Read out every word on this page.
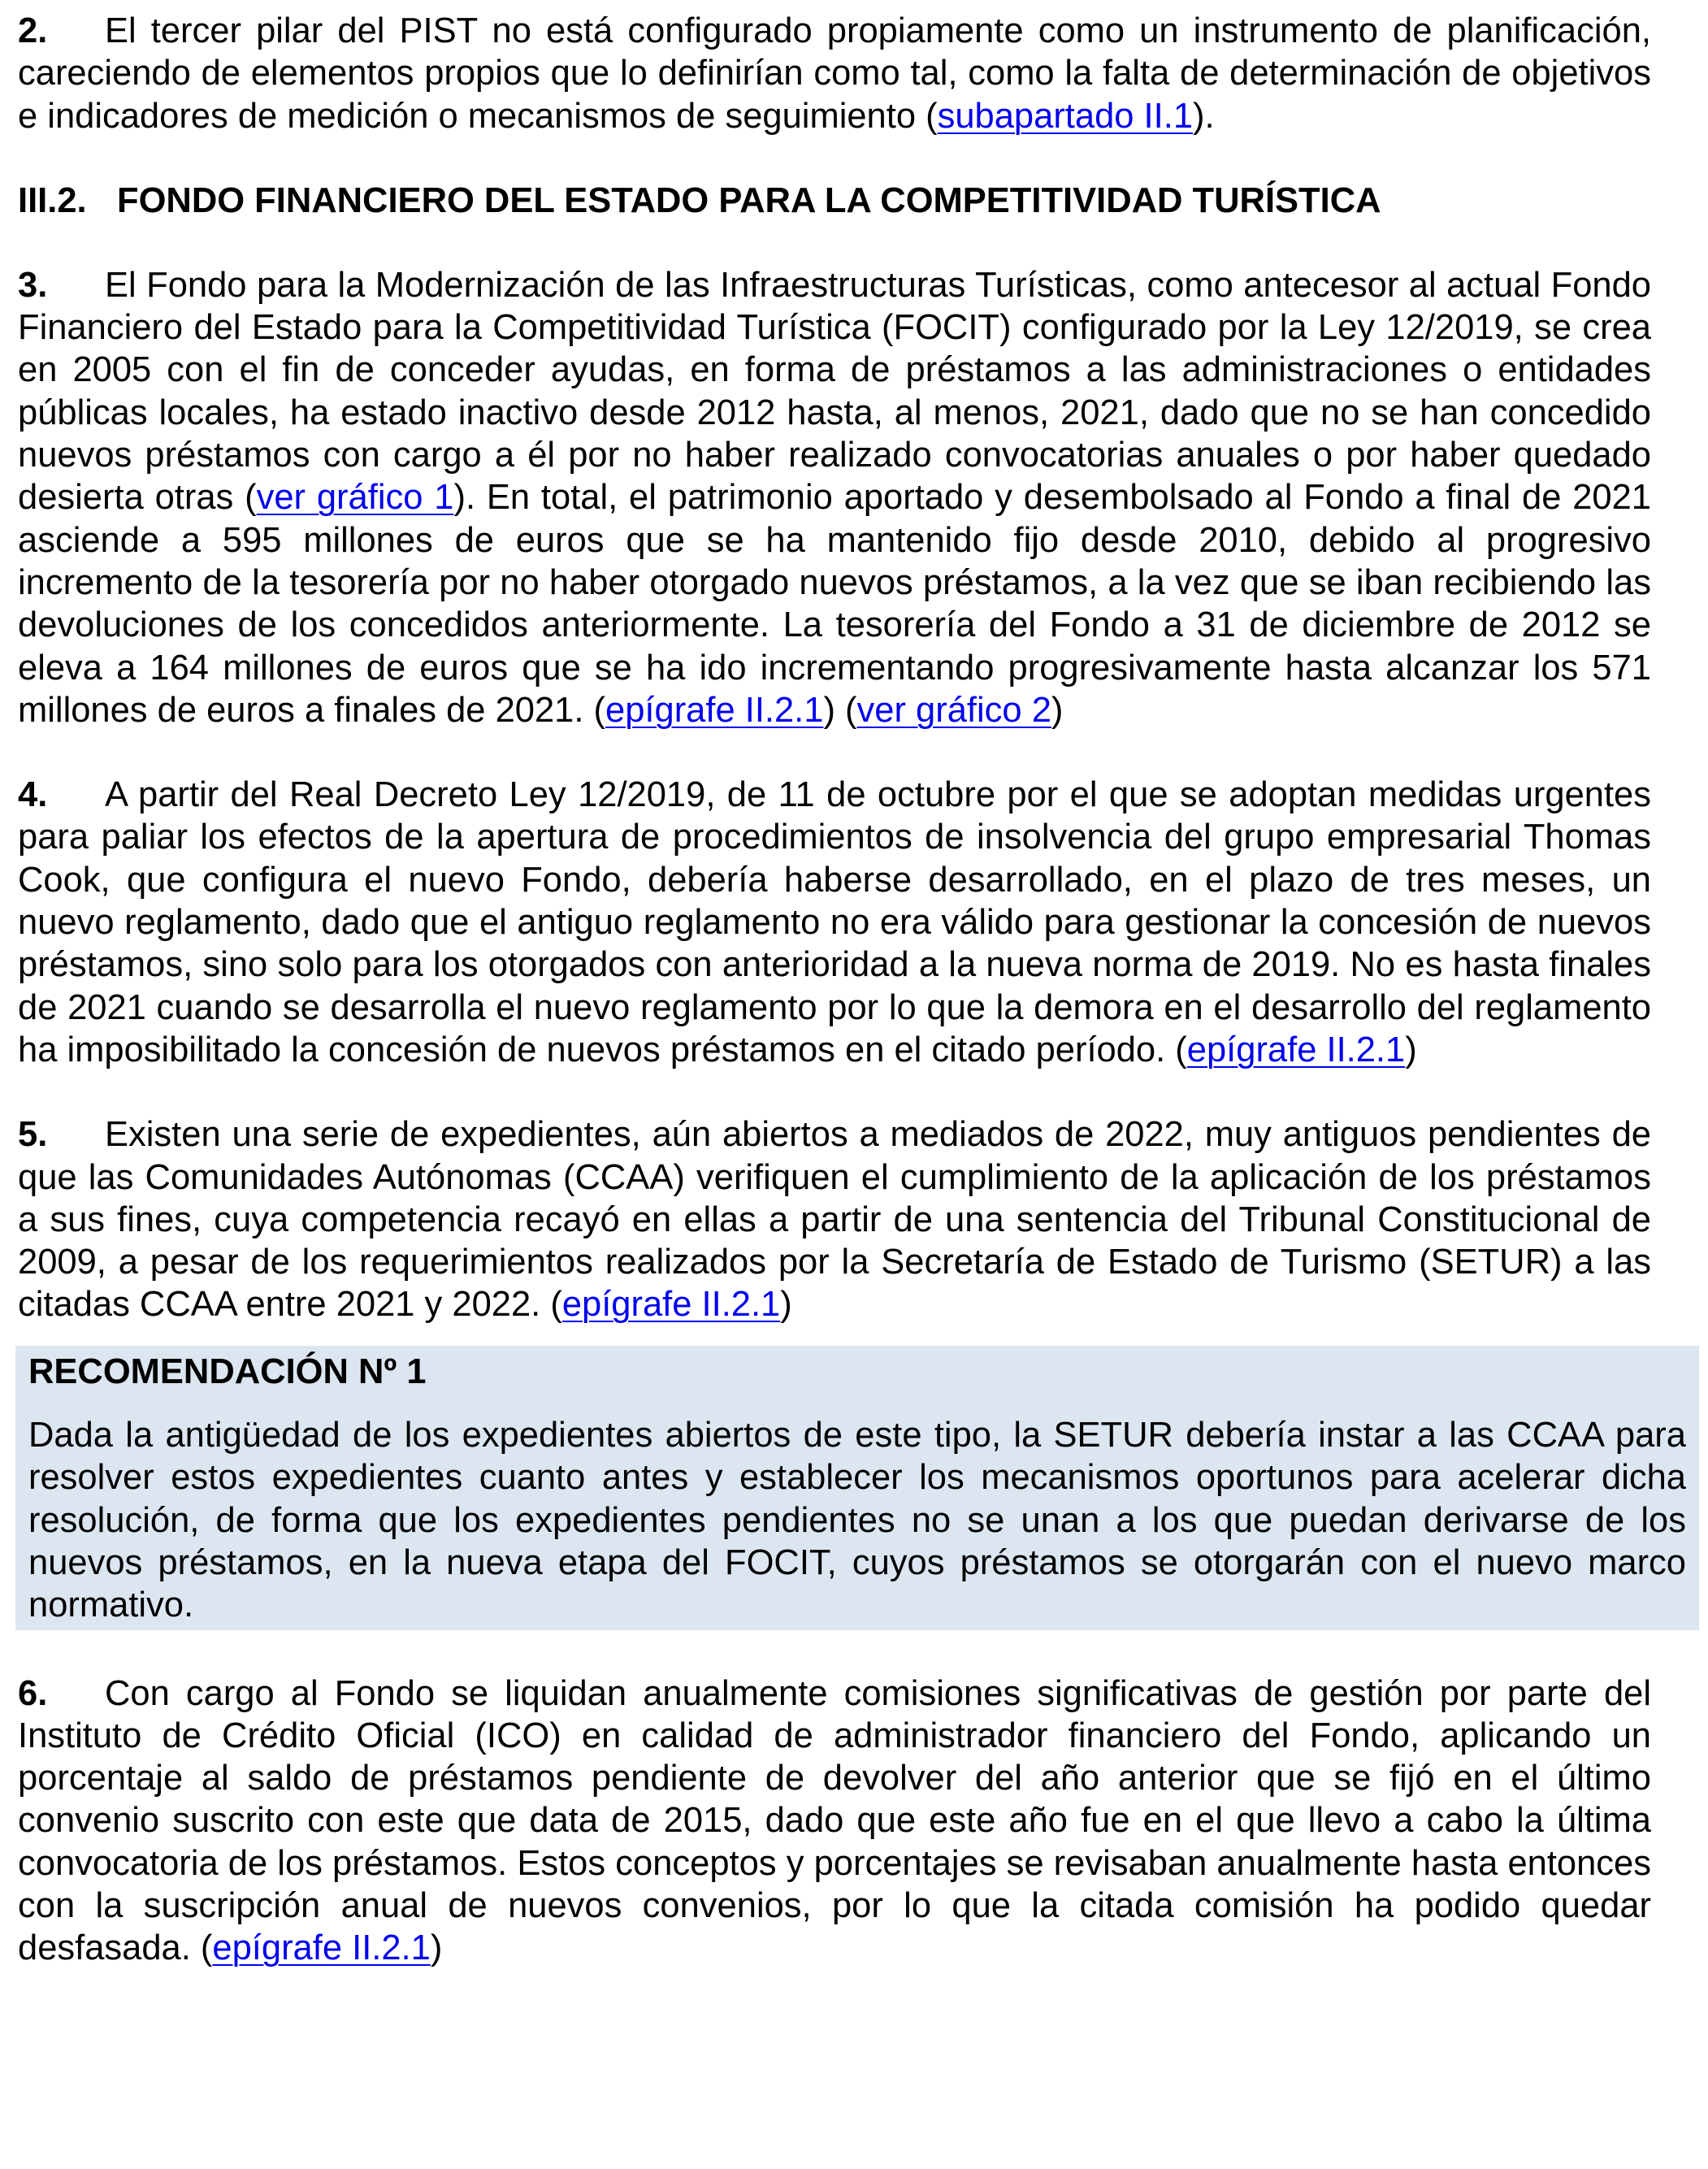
2. El tercer pilar del PIST no está configurado propiamente como un instrumento de planificación, careciendo de elementos propios que lo definirían como tal, como la falta de determinación de objetivos e indicadores de medición o mecanismos de seguimiento (subapartado II.1).

III.2. FONDO FINANCIERO DEL ESTADO PARA LA COMPETITIVIDAD TURÍSTICA

3. El Fondo para la Modernización de las Infraestructuras Turísticas, como antecesor al actual Fondo Financiero del Estado para la Competitividad Turística (FOCIT) configurado por la Ley 12/2019, se crea en 2005 con el fin de conceder ayudas, en forma de préstamos a las administraciones o entidades públicas locales, ha estado inactivo desde 2012 hasta, al menos, 2021, dado que no se han concedido nuevos préstamos con cargo a él por no haber realizado convocatorias anuales o por haber quedado desierta otras (ver gráfico 1). En total, el patrimonio aportado y desembolsado al Fondo a final de 2021 asciende a 595 millones de euros que se ha mantenido fijo desde 2010, debido al progresivo incremento de la tesorería por no haber otorgado nuevos préstamos, a la vez que se iban recibiendo las devoluciones de los concedidos anteriormente. La tesorería del Fondo a 31 de diciembre de 2012 se eleva a 164 millones de euros que se ha ido incrementando progresivamente hasta alcanzar los 571 millones de euros a finales de 2021. (epígrafe II.2.1) (ver gráfico 2)

4. A partir del Real Decreto Ley 12/2019, de 11 de octubre por el que se adoptan medidas urgentes para paliar los efectos de la apertura de procedimientos de insolvencia del grupo empresarial Thomas Cook, que configura el nuevo Fondo, debería haberse desarrollado, en el plazo de tres meses, un nuevo reglamento, dado que el antiguo reglamento no era válido para gestionar la concesión de nuevos préstamos, sino solo para los otorgados con anterioridad a la nueva norma de 2019. No es hasta finales de 2021 cuando se desarrolla el nuevo reglamento por lo que la demora en el desarrollo del reglamento ha imposibilitado la concesión de nuevos préstamos en el citado período. (epígrafe II.2.1)

5. Existen una serie de expedientes, aún abiertos a mediados de 2022, muy antiguos pendientes de que las Comunidades Autónomas (CCAA) verifiquen el cumplimiento de la aplicación de los préstamos a sus fines, cuya competencia recayó en ellas a partir de una sentencia del Tribunal Constitucional de 2009, a pesar de los requerimientos realizados por la Secretaría de Estado de Turismo (SETUR) a las citadas CCAA entre 2021 y 2022. (epígrafe II.2.1)

RECOMENDACIÓN Nº 1

Dada la antigüedad de los expedientes abiertos de este tipo, la SETUR debería instar a las CCAA para resolver estos expedientes cuanto antes y establecer los mecanismos oportunos para acelerar dicha resolución, de forma que los expedientes pendientes no se unan a los que puedan derivarse de los nuevos préstamos, en la nueva etapa del FOCIT, cuyos préstamos se otorgarán con el nuevo marco normativo.

6. Con cargo al Fondo se liquidan anualmente comisiones significativas de gestión por parte del Instituto de Crédito Oficial (ICO) en calidad de administrador financiero del Fondo, aplicando un porcentaje al saldo de préstamos pendiente de devolver del año anterior que se fijó en el último convenio suscrito con este que data de 2015, dado que este año fue en el que llevo a cabo la última convocatoria de los préstamos. Estos conceptos y porcentajes se revisaban anualmente hasta entonces con la suscripción anual de nuevos convenios, por lo que la citada comisión ha podido quedar desfasada. (epígrafe II.2.1)
